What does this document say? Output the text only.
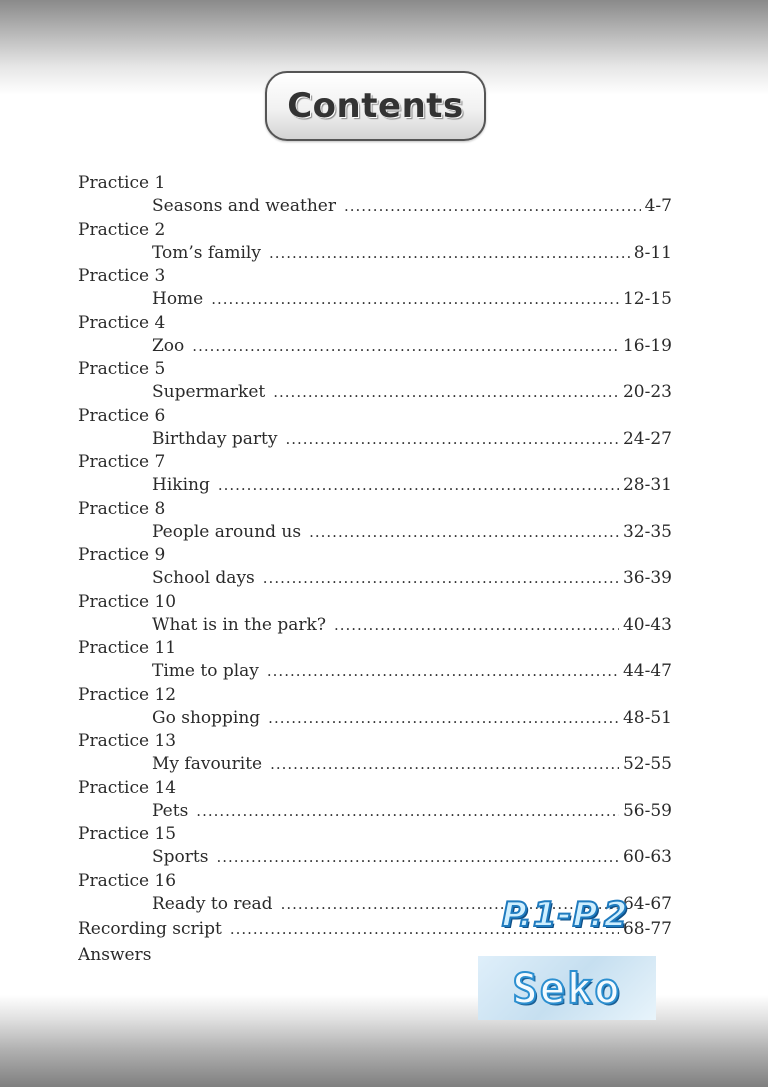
Contents
Practice 1
Seasons and weather .....	4-7
Practice 2
Tom’s family .....	8-11
Practice 3
Home .....	12-15
Practice 4
Zoo .....	16-19
Practice 5
Supermarket .....	20-23
Practice 6
Birthday party .....	24-27
Practice 7
Hiking .....	28-31
Practice 8
People around us .....	32-35
Practice 9
School days .....	36-39
Practice 10
What is in the park? .....	40-43
Practice 11
Time to play .....	44-47
Practice 12
Go shopping .....	48-51
Practice 13
My favourite .....	52-55
Practice 14
Pets .....	56-59
Practice 15
Sports .....	60-63
Practice 16
Ready to read .....	64-67
Recording script .....	68-77
Answers
P.1-P.2
Seko
